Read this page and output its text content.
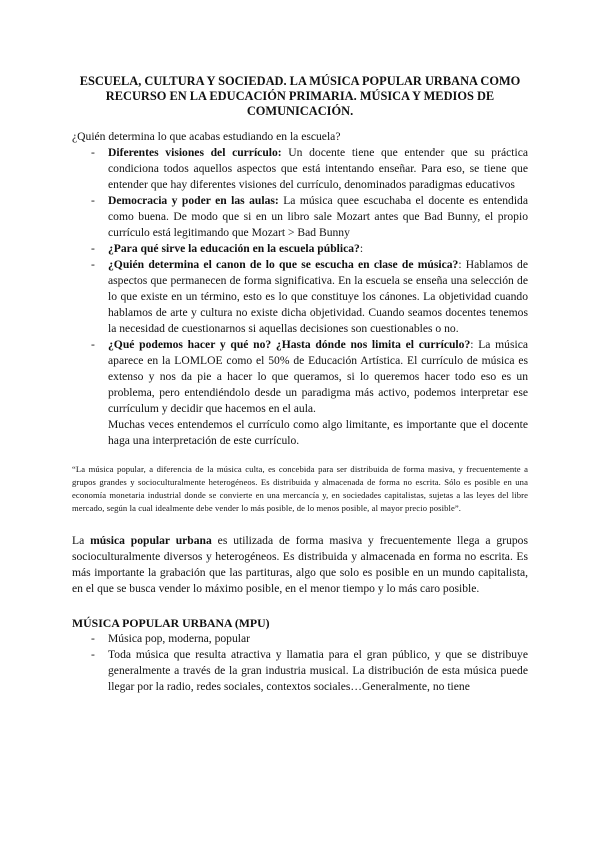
ESCUELA, CULTURA Y SOCIEDAD. LA MÚSICA POPULAR URBANA COMO RECURSO EN LA EDUCACIÓN PRIMARIA. MÚSICA Y MEDIOS DE COMUNICACIÓN.

¿Quién determina lo que acabas estudiando en la escuela?

- Diferentes visiones del currículo: Un docente tiene que entender que su práctica condiciona todos aquellos aspectos que está intentando enseñar. Para eso, se tiene que entender que hay diferentes visiones del currículo, denominados paradigmas educativos
- Democracia y poder en las aulas: La música quee escuchaba el docente es entendida como buena. De modo que si en un libro sale Mozart antes que Bad Bunny, el propio currículo está legitimando que Mozart > Bad Bunny
- ¿Para qué sirve la educación en la escuela pública?:
- ¿Quién determina el canon de lo que se escucha en clase de música?: Hablamos de aspectos que permanecen de forma significativa. En la escuela se enseña una selección de lo que existe en un término, esto es lo que constituye los cánones. La objetividad cuando hablamos de arte y cultura no existe dicha objetividad. Cuando seamos docentes tenemos la necesidad de cuestionarnos si aquellas decisiones son cuestionables o no.
- ¿Qué podemos hacer y qué no? ¿Hasta dónde nos limita el currículo?: La música aparece en la LOMLOE como el 50% de Educación Artística. El currículo de música es extenso y nos da pie a hacer lo que queramos, si lo queremos hacer todo eso es un problema, pero entendiéndolo desde un paradigma más activo, podemos interpretar ese currículum y decidir que hacemos en el aula.

Muchas veces entendemos el currículo como algo limitante, es importante que el docente haga una interpretación de este currículo.

“La música popular, a diferencia de la música culta, es concebida para ser distribuida de forma masiva, y frecuentemente a grupos grandes y socioculturalmente heterogéneos. Es distribuida y almacenada de forma no escrita. Sólo es posible en una economía monetaria industrial donde se convierte en una mercancía y, en sociedades capitalistas, sujetas a las leyes del libre mercado, según la cual idealmente debe vender lo más posible, de lo menos posible, al mayor precio posible”.

La música popular urbana es utilizada de forma masiva y frecuentemente llega a grupos socioculturalmente diversos y heterogéneos. Es distribuida y almacenada en forma no escrita. Es más importante la grabación que las partituras, algo que solo es posible en un mundo capitalista, en el que se busca vender lo máximo posible, en el menor tiempo y lo más caro posible.

MÚSICA POPULAR URBANA (MPU)
- Música pop, moderna, popular
- Toda música que resulta atractiva y llamatia para el gran público, y que se distribuye generalmente a través de la gran industria musical. La distribución de esta música puede llegar por la radio, redes sociales, contextos sociales…Generalmente, no tiene
